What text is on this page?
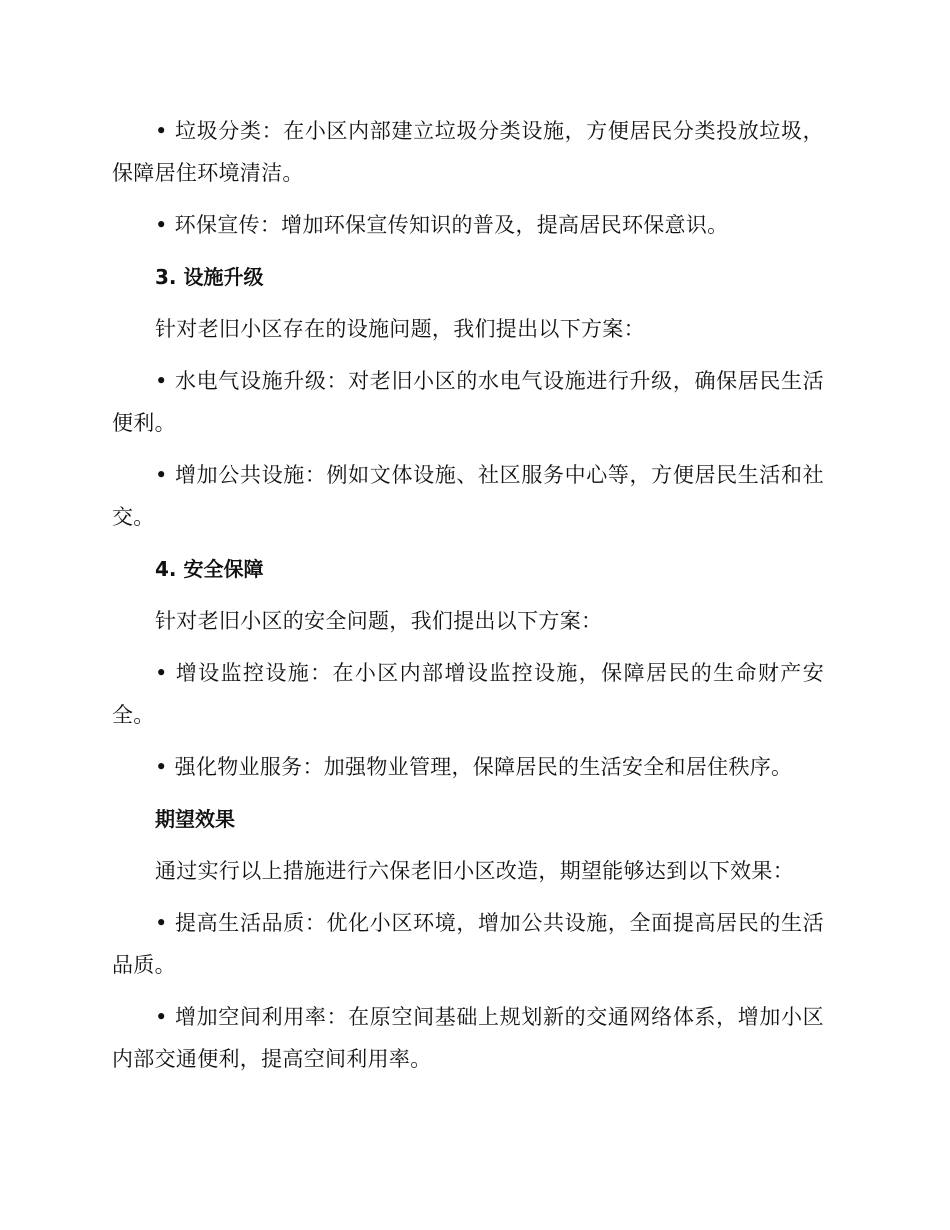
• 垃圾分类：在小区内部建立垃圾分类设施，方便居民分类投放垃圾，保障居住环境清洁。

• 环保宣传：增加环保宣传知识的普及，提高居民环保意识。

3. 设施升级

针对老旧小区存在的设施问题，我们提出以下方案：

• 水电气设施升级：对老旧小区的水电气设施进行升级，确保居民生活便利。

• 增加公共设施：例如文体设施、社区服务中心等，方便居民生活和社交。

4. 安全保障

针对老旧小区的安全问题，我们提出以下方案：

• 增设监控设施：在小区内部增设监控设施，保障居民的生命财产安全。

• 强化物业服务：加强物业管理，保障居民的生活安全和居住秩序。

期望效果

通过实行以上措施进行六保老旧小区改造，期望能够达到以下效果：

• 提高生活品质：优化小区环境，增加公共设施，全面提高居民的生活品质。

• 增加空间利用率：在原空间基础上规划新的交通网络体系，增加小区内部交通便利，提高空间利用率。
